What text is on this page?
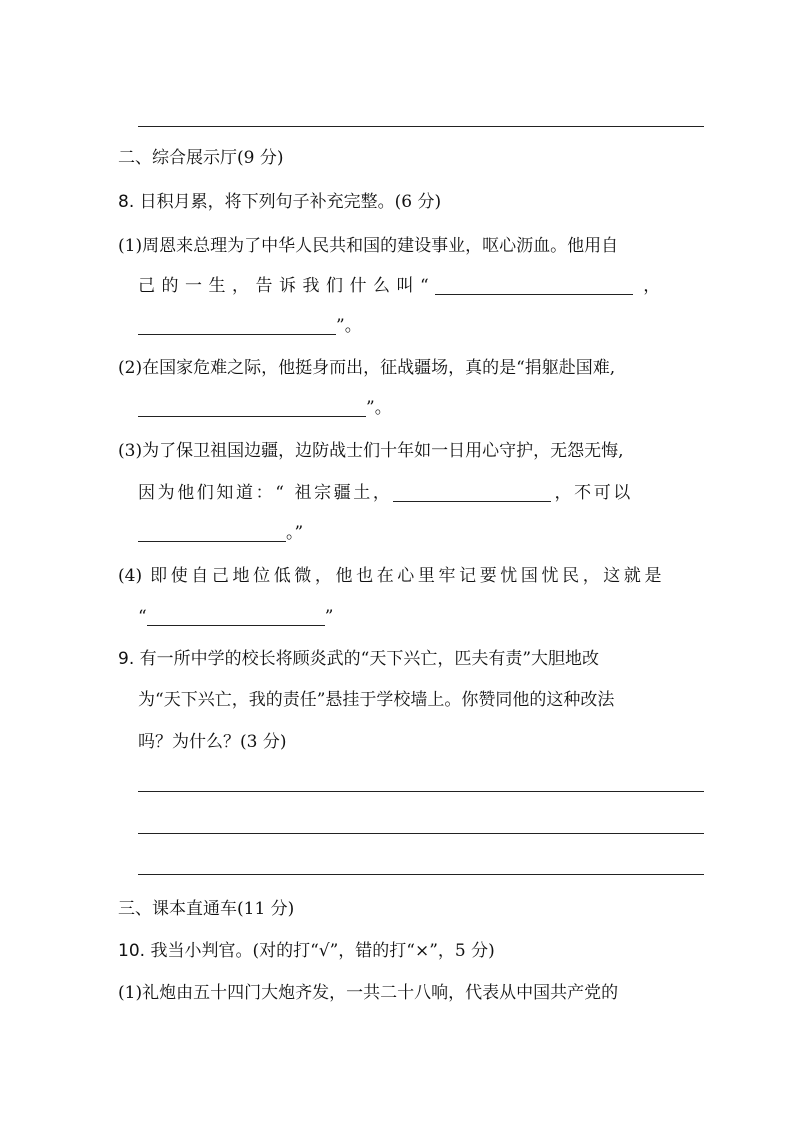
二、综合展示厅(9 分)
8. 日积月累，将下列句子补充完整。(6 分)
(1)周恩来总理为了中华人民共和国的建设事业，呕心沥血。他用自
己的一生，告诉我们什么叫“	，
”。
(2)在国家危难之际，他挺身而出，征战疆场，真的是“捐躯赴国难,
”。
(3)为了保卫祖国边疆，边防战士们十年如一日用心守护，无怨无悔,
因为他们知道：“ 祖宗疆土，	，不可以
。”
(4) 即使自己地位低微，他也在心里牢记要忧国忧民，这就是
“	”
9. 有一所中学的校长将顾炎武的“天下兴亡，匹夫有责”大胆地改
为“天下兴亡，我的责任”悬挂于学校墙上。你赞同他的这种改法
吗？为什么？(3 分)
三、课本直通车(11 分)
10. 我当小判官。(对的打“√”，错的打“×”，5 分)
(1)礼炮由五十四门大炮齐发，一共二十八响，代表从中国共产党的
